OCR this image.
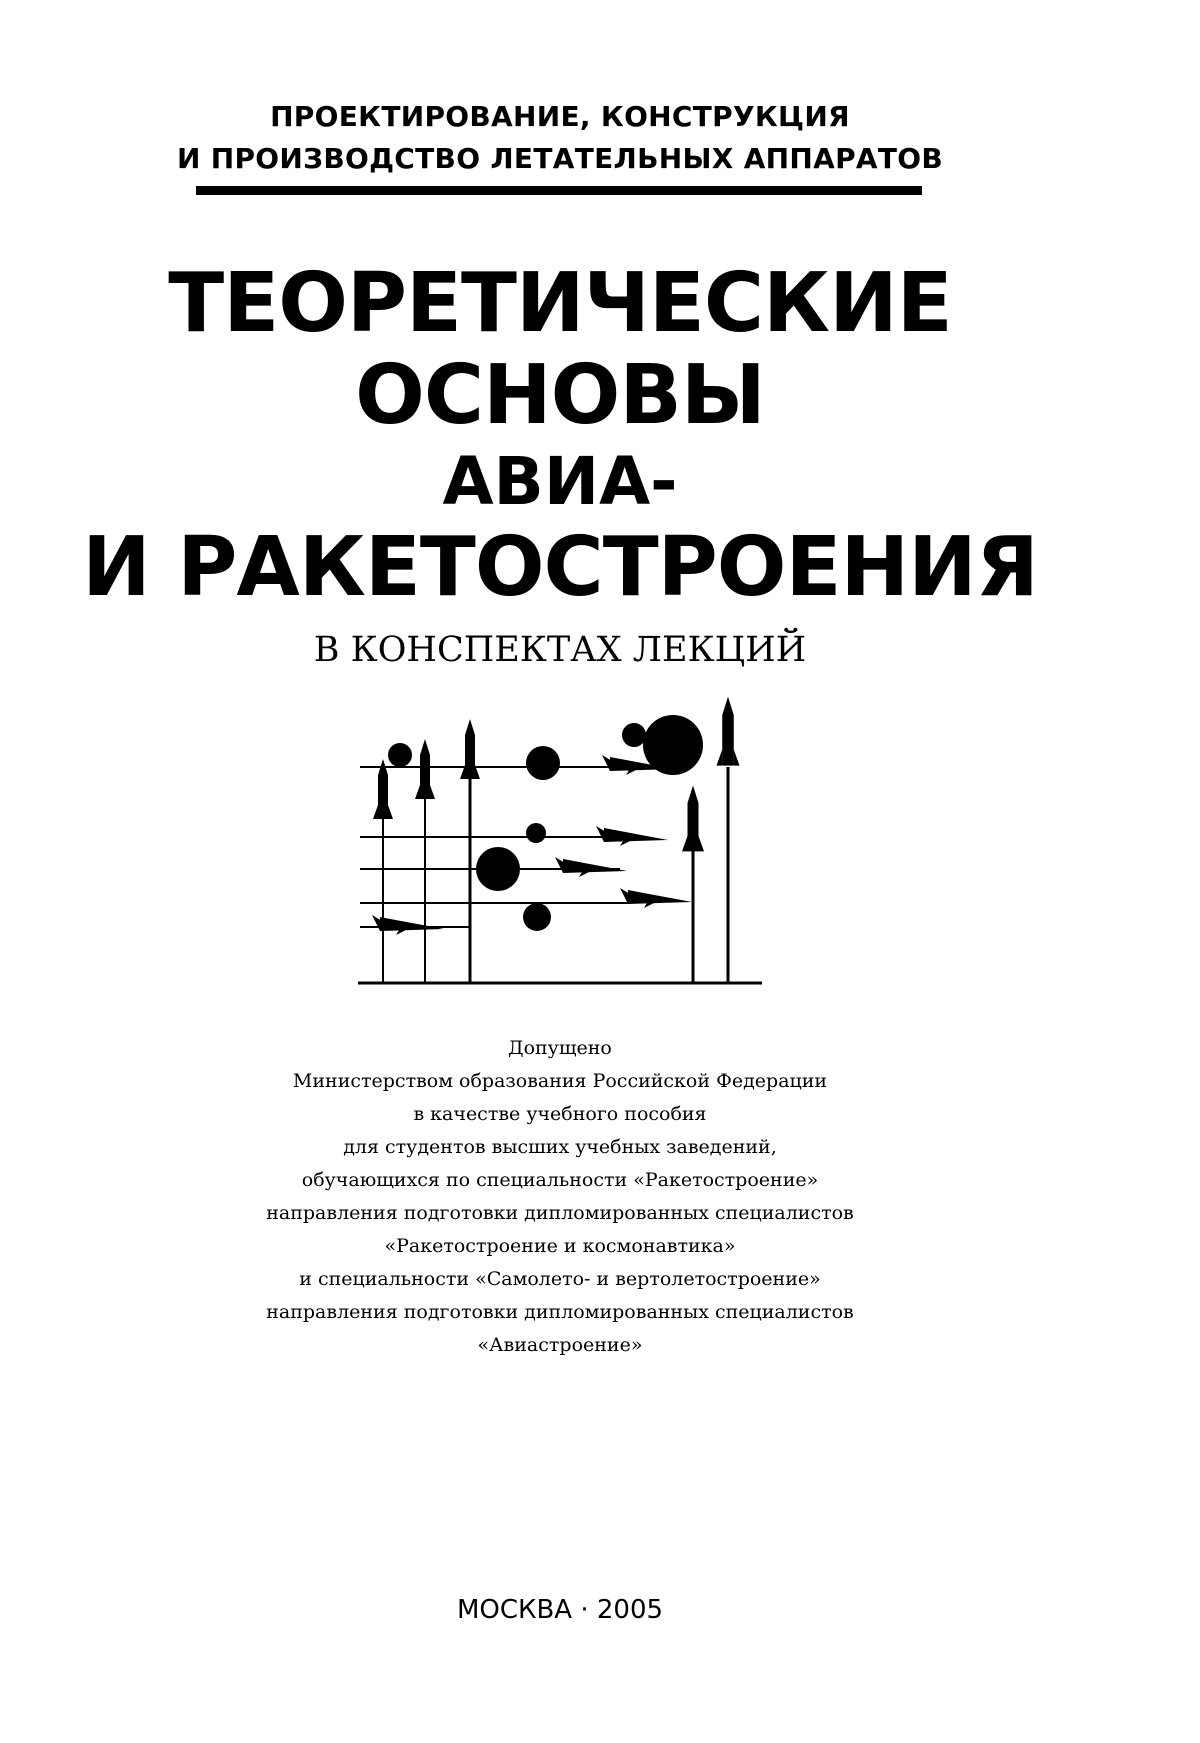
ПРОЕКТИРОВАНИЕ, КОНСТРУКЦИЯ
И ПРОИЗВОДСТВО ЛЕТАТЕЛЬНЫХ АППАРАТОВ
ТЕОРЕТИЧЕСКИЕ
ОСНОВЫ
АВИА-
И РАКЕТОСТРОЕНИЯ
В КОНСПЕКТАХ ЛЕКЦИЙ
Допущено
Министерством образования Российской Федерации
в качестве учебного пособия
для студентов высших учебных заведений,
обучающихся по специальности «Ракетостроение»
направления подготовки дипломированных специалистов
«Ракетостроение и космонавтика»
и специальности «Самолето- и вертолетостроение»
направления подготовки дипломированных специалистов
«Авиастроение»
МОСКВА · 2005
